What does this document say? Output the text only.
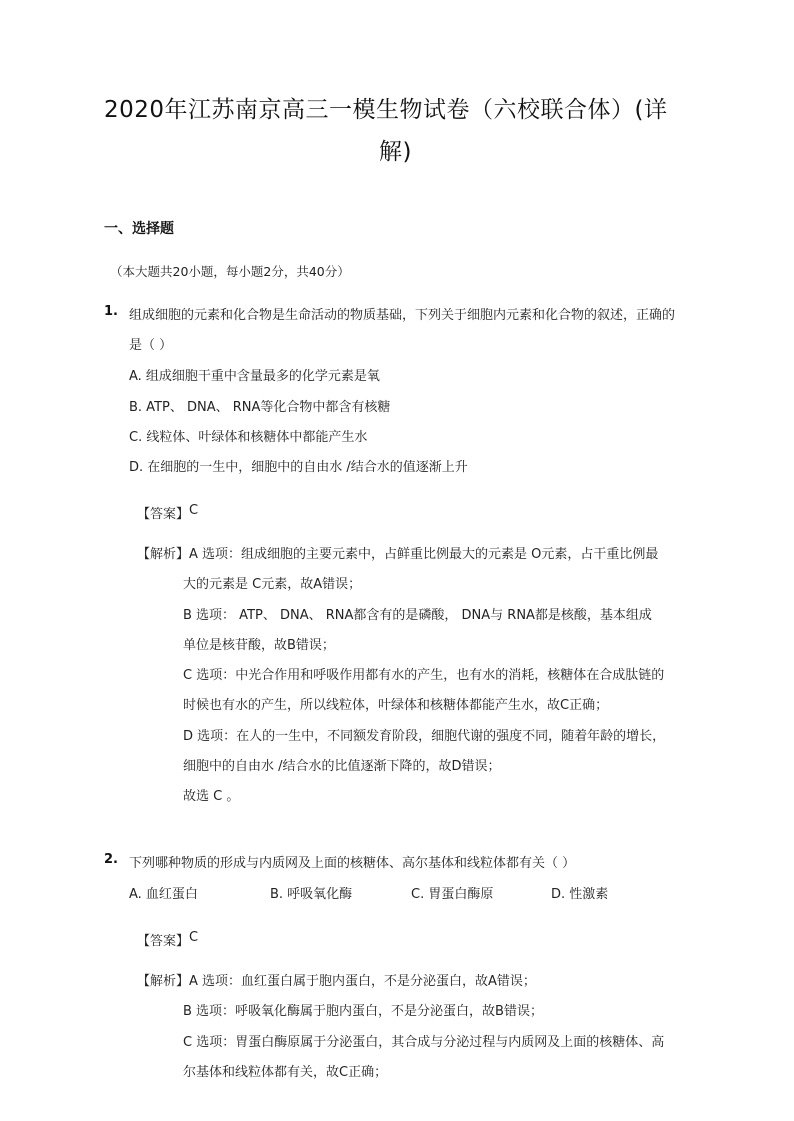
2020年江苏南京高三一模生物试卷（六校联合体）(详
解)
一、选择题
（本大题共20小题，每小题2分，共40分）
1. 组成细胞的元素和化合物是生命活动的物质基础，下列关于细胞内元素和化合物的叙述，正确的
是（ ）
A. 组成细胞干重中含量最多的化学元素是氧
B. ATP、 DNA、 RNA等化合物中都含有核糖
C. 线粒体、叶绿体和核糖体中都能产生水
D. 在细胞的一生中，细胞中的自由水 /结合水的值逐渐上升
【答案】 C
【解析】 A 选项：组成细胞的主要元素中，占鲜重比例最大的元素是 O元素，占干重比例最
大的元素是 C元素，故A错误；
B 选项： ATP、 DNA、 RNA都含有的是磷酸， DNA与 RNA都是核酸，基本组成
单位是核苷酸，故B错误；
C 选项：中光合作用和呼吸作用都有水的产生，也有水的消耗，核糖体在合成肽链的
时候也有水的产生，所以线粒体，叶绿体和核糖体都能产生水，故C正确；
D 选项：在人的一生中，不同额发育阶段，细胞代谢的强度不同，随着年龄的增长，
细胞中的自由水 /结合水的比值逐渐下降的，故D错误；
故选 C 。
2. 下列哪种物质的形成与内质网及上面的核糖体、高尔基体和线粒体都有关（ ）
A. 血红蛋白	B. 呼吸氧化酶	C. 胃蛋白酶原	D. 性激素
【答案】 C
【解析】 A 选项：血红蛋白属于胞内蛋白，不是分泌蛋白，故A错误；
B 选项：呼吸氧化酶属于胞内蛋白，不是分泌蛋白，故B错误；
C 选项：胃蛋白酶原属于分泌蛋白，其合成与分泌过程与内质网及上面的核糖体、高
尔基体和线粒体都有关，故C正确；
